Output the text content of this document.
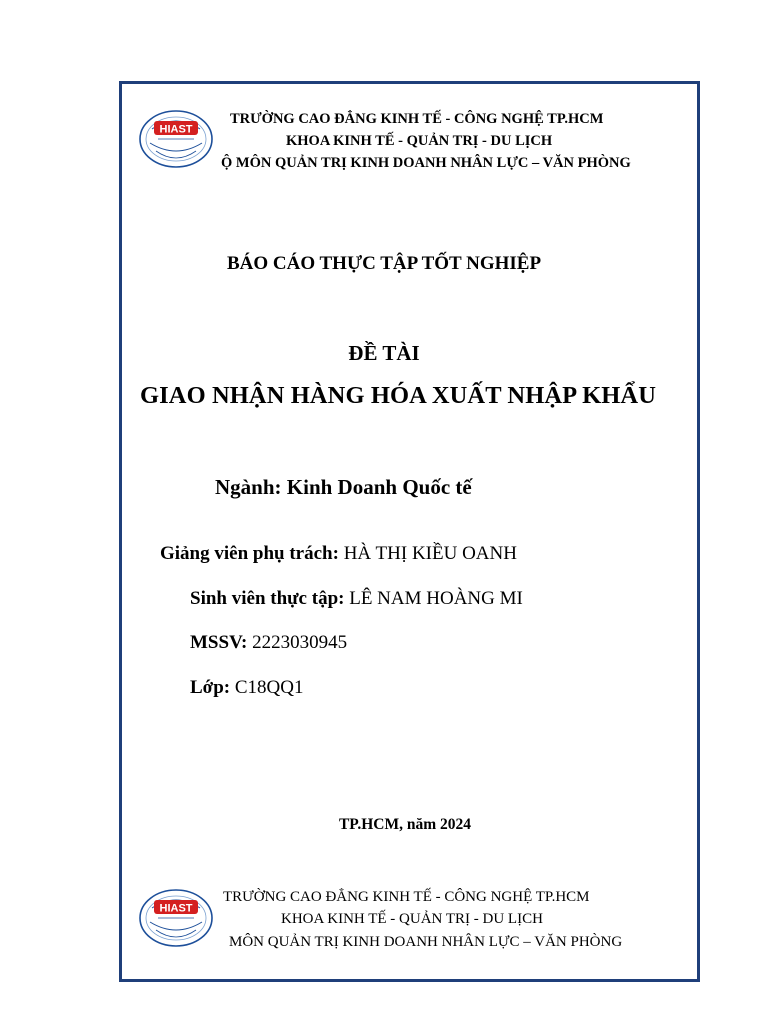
HIAST
TRƯỜNG CAO ĐẲNG KINH TẾ - CÔNG NGHỆ TP.HCM
KHOA KINH TẾ - QUẢN TRỊ - DU LỊCH
Ộ MÔN QUẢN TRỊ KINH DOANH NHÂN LỰC – VĂN PHÒNG
BÁO CÁO THỰC TẬP TỐT NGHIỆP
ĐỀ TÀI
GIAO NHẬN HÀNG HÓA XUẤT NHẬP KHẨU
Ngành: Kinh Doanh Quốc tế
Giảng viên phụ trách: HÀ THỊ KIỀU OANH
Sinh viên thực tập: LÊ NAM HOÀNG MI
MSSV: 2223030945
Lớp: C18QQ1
TP.HCM, năm 2024
HIAST
TRƯỜNG CAO ĐẲNG KINH TẾ - CÔNG NGHỆ TP.HCM
KHOA KINH TẾ - QUẢN TRỊ - DU LỊCH
MÔN QUẢN TRỊ KINH DOANH NHÂN LỰC – VĂN PHÒNG
